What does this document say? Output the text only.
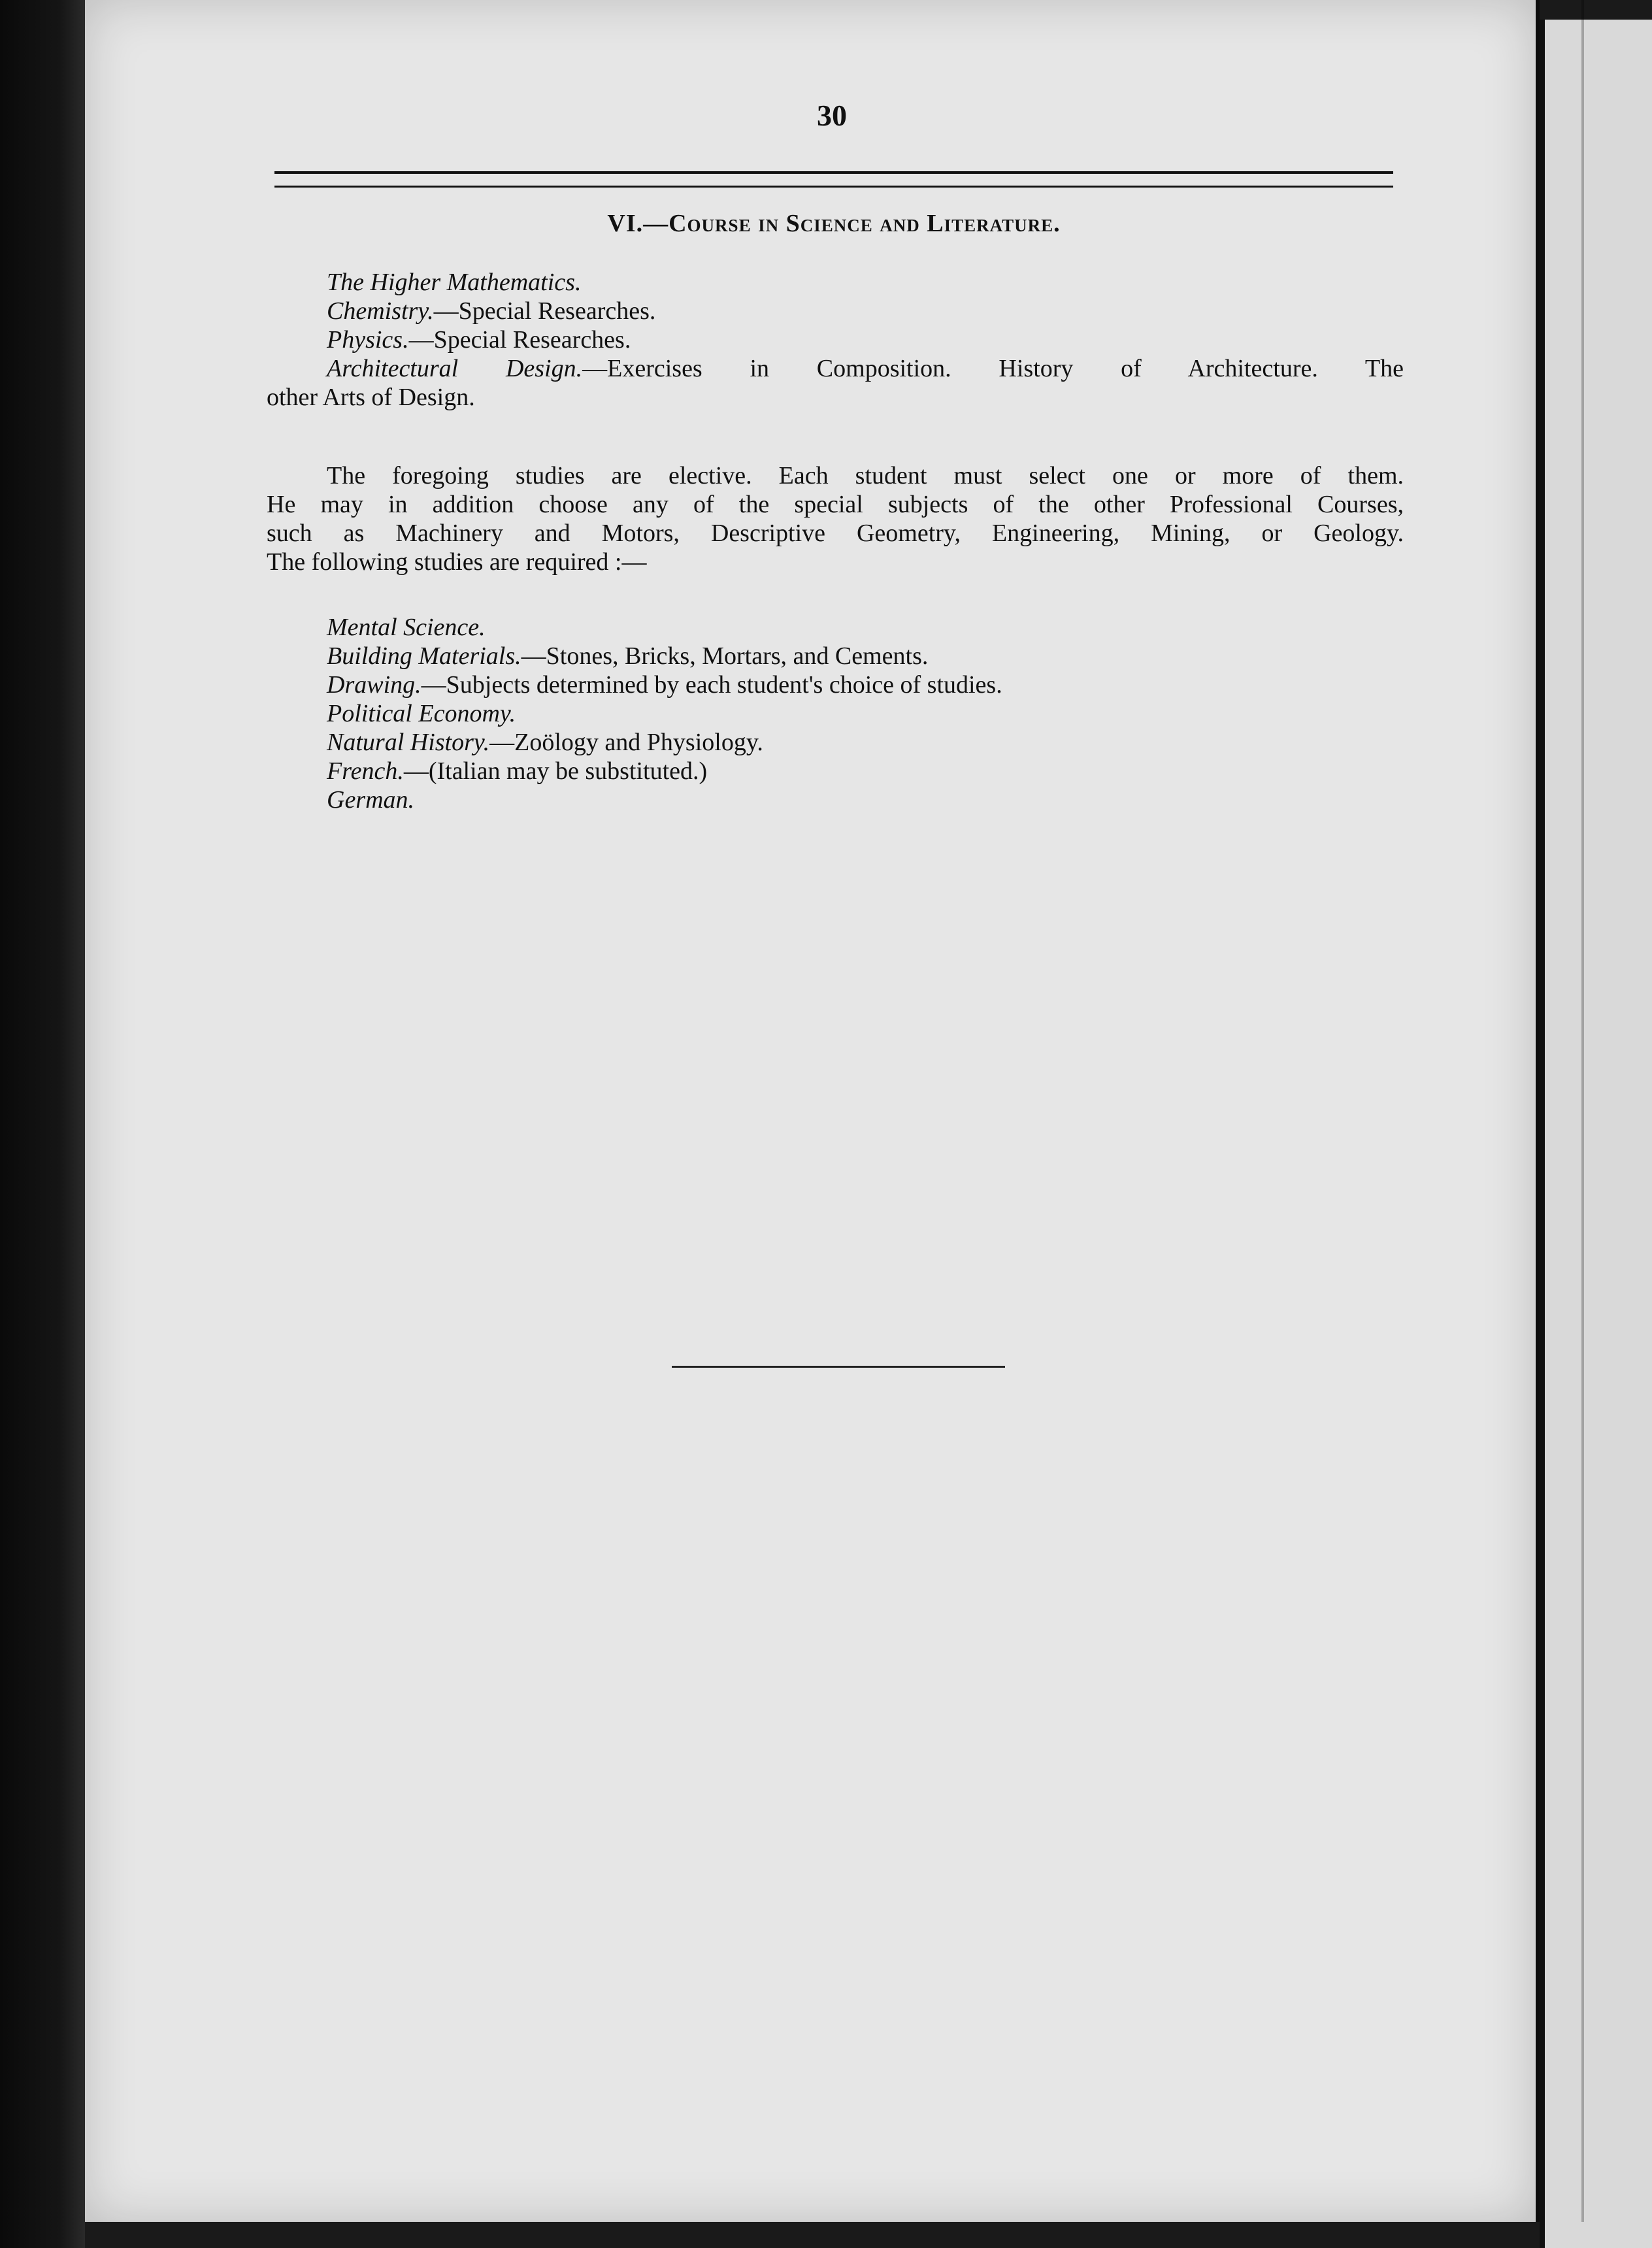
30
VI.—Course in Science and Literature.
The Higher Mathematics.
Chemistry.—Special Researches.
Physics.—Special Researches.
Architectural Design.—Exercises in Composition. History of Architecture. The
other Arts of Design.
The foregoing studies are elective. Each student must select one or more of them.
He may in addition choose any of the special subjects of the other Professional Courses,
such as Machinery and Motors, Descriptive Geometry, Engineering, Mining, or Geology.
The following studies are required :—
Mental Science.
Building Materials.—Stones, Bricks, Mortars, and Cements.
Drawing.—Subjects determined by each student's choice of studies.
Political Economy.
Natural History.—Zoölogy and Physiology.
French.—(Italian may be substituted.)
German.
